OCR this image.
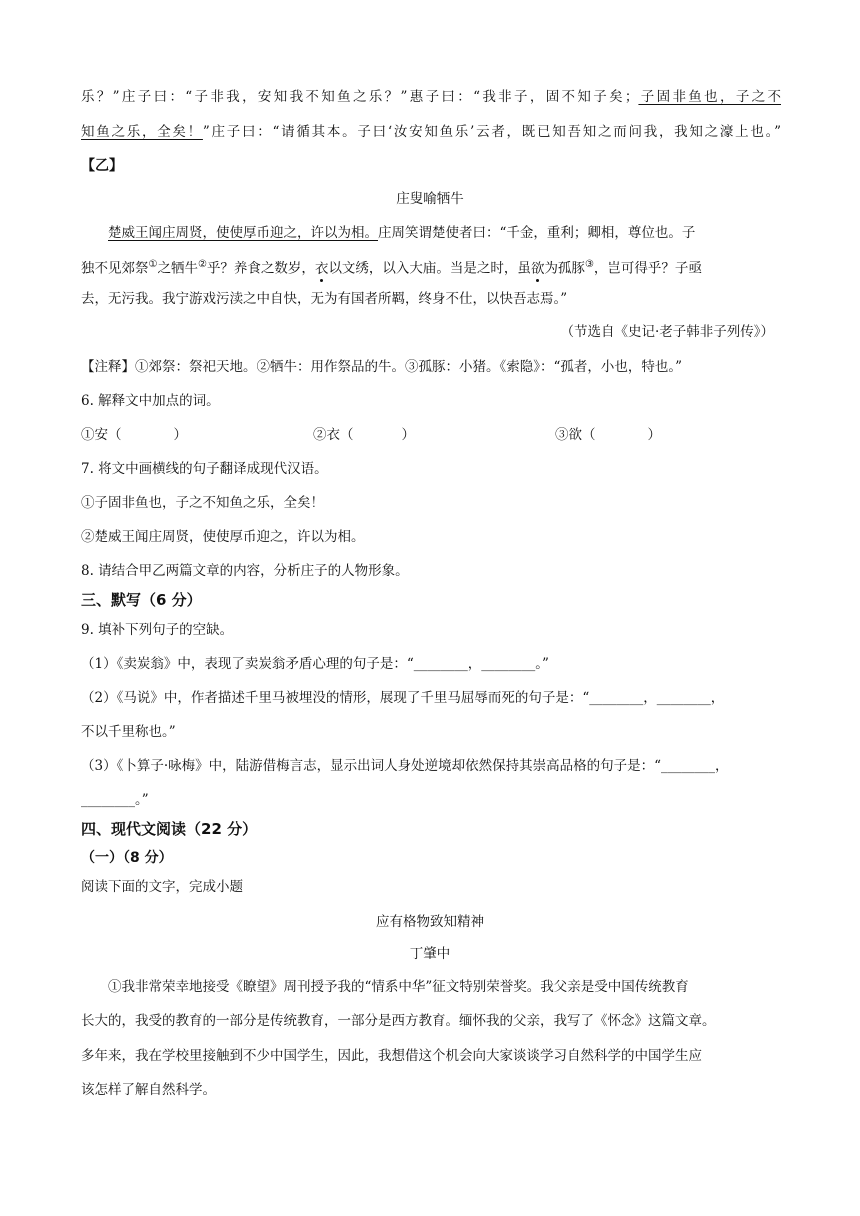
乐？”庄子曰：“子非我，安知我不知鱼之乐？”惠子曰：“我非子，固不知子矣；子固非鱼也，子之不
知鱼之乐，全矣！”庄子曰：“请循其本。子曰‘汝安知鱼乐’云者，既已知吾知之而问我，我知之濠上也。”
【乙】
庄叟喻牺牛
楚威王闻庄周贤，使使厚币迎之，许以为相。庄周笑谓楚使者曰：“千金，重利；卿相，尊位也。子
独不见郊祭①之牺牛②乎？养食之数岁，衣以文绣，以入大庙。当是之时，虽欲为孤豚③，岂可得乎？子亟
去，无污我。我宁游戏污渎之中自快，无为有国者所羁，终身不仕，以快吾志焉。”
（节选自《史记·老子韩非子列传》）
【注释】①郊祭：祭祀天地。②牺牛：用作祭品的牛。③孤豚：小猪。《索隐》：“孤者，小也，特也。”
6. 解释文中加点的词。
①安（	）	②衣（	）	③欲（	）
7. 将文中画横线的句子翻译成现代汉语。
①子固非鱼也，子之不知鱼之乐，全矣！
②楚威王闻庄周贤，使使厚币迎之，许以为相。
8. 请结合甲乙两篇文章的内容，分析庄子的人物形象。
三、默写（6 分）
9. 填补下列句子的空缺。
（1）《卖炭翁》中，表现了卖炭翁矛盾心理的句子是：“________，________。”
（2）《马说》中，作者描述千里马被埋没的情形，展现了千里马屈辱而死的句子是：“________，________，
不以千里称也。”
（3）《卜算子·咏梅》中，陆游借梅言志，显示出词人身处逆境却依然保持其崇高品格的句子是：“________，
________。”
四、现代文阅读（22 分）
（一）（8 分）
阅读下面的文字，完成小题
应有格物致知精神
丁肇中
①我非常荣幸地接受《瞭望》周刊授予我的“情系中华”征文特别荣誉奖。我父亲是受中国传统教育
长大的，我受的教育的一部分是传统教育，一部分是西方教育。缅怀我的父亲，我写了《怀念》这篇文章。
多年来，我在学校里接触到不少中国学生，因此，我想借这个机会向大家谈谈学习自然科学的中国学生应
该怎样了解自然科学。
